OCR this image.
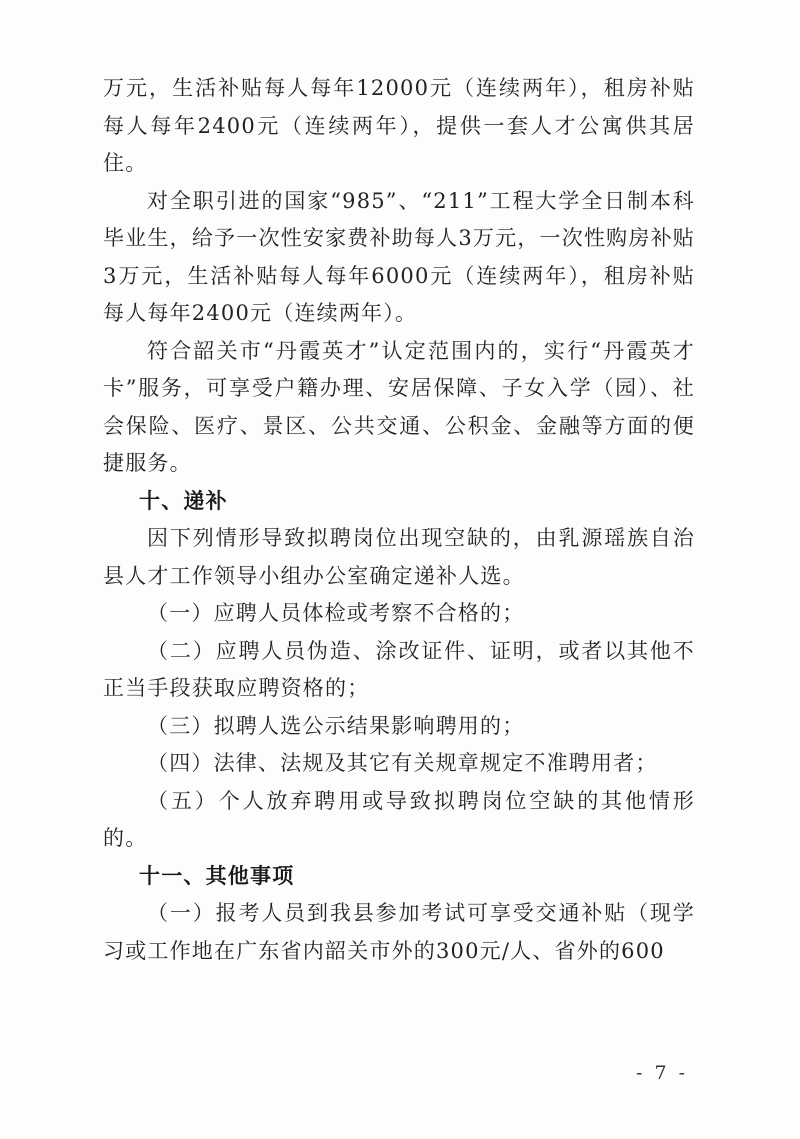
万元，生活补贴每人每年12000元（连续两年），租房补贴每人每年2400元（连续两年），提供一套人才公寓供其居住。

对全职引进的国家“985”、“211”工程大学全日制本科毕业生，给予一次性安家费补助每人3万元，一次性购房补贴3万元，生活补贴每人每年6000元（连续两年），租房补贴每人每年2400元（连续两年）。

符合韶关市“丹霞英才”认定范围内的，实行“丹霞英才卡”服务，可享受户籍办理、安居保障、子女入学（园）、社会保险、医疗、景区、公共交通、公积金、金融等方面的便捷服务。

十、递补

因下列情形导致拟聘岗位出现空缺的，由乳源瑶族自治县人才工作领导小组办公室确定递补人选。

（一）应聘人员体检或考察不合格的；

（二）应聘人员伪造、涂改证件、证明，或者以其他不正当手段获取应聘资格的；

（三）拟聘人选公示结果影响聘用的；

（四）法律、法规及其它有关规章规定不准聘用者；

（五）个人放弃聘用或导致拟聘岗位空缺的其他情形的。

十一、其他事项

（一）报考人员到我县参加考试可享受交通补贴（现学习或工作地在广东省内韶关市外的300元/人、省外的600

- 7 -
